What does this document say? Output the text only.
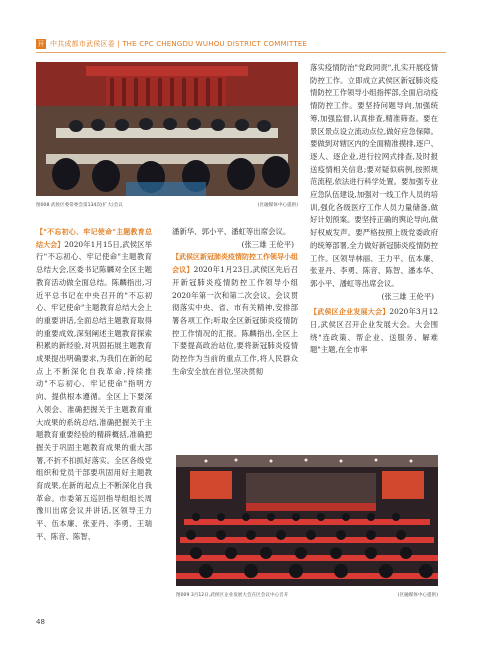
开 中共成都市武侯区委 | THE CPC CHENGDU WUHOU DISTRICT COMMITTEE
图008 武侯区委常委会第134次(扩大)会议	(区融媒体中心提供)

【"不忘初心、牢记使命"主题教育总结大会】2020年1月15日,武侯区举行"不忘初心、牢记使命"主题教育总结大会,区委书记陈麟对全区主题教育活动做全面总结。陈麟指出,习近平总书记在中央召开的"不忘初心、牢记使命"主题教育总结大会上的重要讲话,全面总结主题教育取得的重要成效,深刻阐述主题教育探索积累的新经验,对巩固拓展主题教育成果提出明确要求,为我们在新的起点上不断深化自我革命,持续推动"不忘初心、牢记使命"指明方向、提供根本遵循。全区上下要深入领会、准确把握关于主题教育重大成果的系统总结,准确把握关于主题教育重要经验的精辟概括,准确把握关于巩固主题教育成果的重大部署,不折不扣抓好落实。全区各级党组织和党员干部要巩固用好主题教育成果,在新的起点上不断深化自我革命。市委第五巡回指导组组长周豫川出席会议并讲话,区领导王力平、伍本廉、张亚丹、李勇、王瑞平、陈音、陈智、

潘新华、郭小平、潘虹等出席会议。

(张三雄 王伦平)

【武侯区新冠肺炎疫情防控工作领导小组会议】2020年1月23日,武侯区先后召开新冠肺炎疫情防控工作领导小组2020年第一次和第二次会议。会议贯彻落实中央、省、市有关精神,安排部署各项工作;听取全区新冠肺炎疫情防控工作情况的汇报。陈麟指出,全区上下要提高政治站位,要将新冠肺炎疫情防控作为当前的重点工作,将人民群众生命安全放在首位,坚决贯彻

落实疫情防治"党政同责",扎实开展疫情防控工作。立即成立武侯区新冠肺炎疫情防控工作领导小组指挥部,全面启动疫情防控工作。要坚持问题导向,加强统筹,加强监督,认真排查,精准筛查。要在景区景点设立流动点位,做好应急保障。要做到对辖区内的全面精准摸排,逐户、逐人、逐企业,进行拉网式排查,及时报送疫情相关信息;要对疑似病例,按照规范流程,依法进行科学处置。要加强专业应急队伍建设,加强对一线工作人员的培训,强化各级医疗工作人员力量储备,做好计划预案。要坚持正确的舆论导向,做好权威发声。要严格按照上级党委政府的统筹部署,全力做好新冠肺炎疫情防控工作。区领导林丽、王力平、伍本廉、张亚丹、李勇、陈音、陈智、潘本华、郭小平、潘虹等出席会议。

(张三雄 王伦平)

【武侯区企业发展大会】2020年3月12日,武侯区召开企业发展大会。大会围绕"连政策、帮企业、送服务、解难题"主题,在全市率

图009 3月12日,武侯区企业发展大会在区会议中心召开	(区融媒体中心提供)
48
